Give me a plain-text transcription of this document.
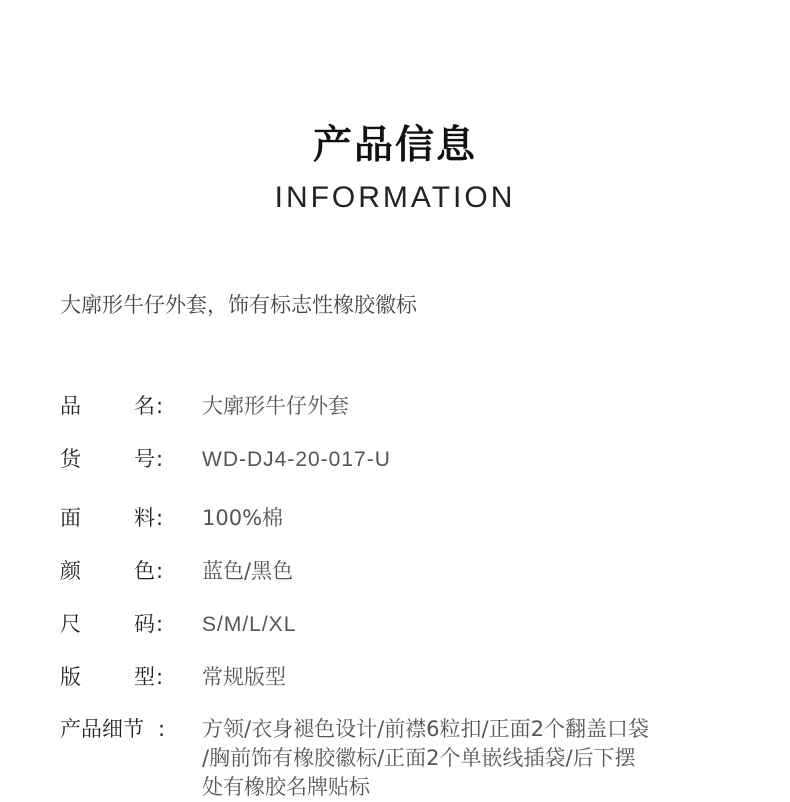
产品信息
INFORMATION
大廓形牛仔外套，饰有标志性橡胶徽标
品	名 : 大廓形牛仔外套
货	号 : WD-DJ4-20-017-U
面	料 : 100%棉
颜	色 : 蓝色/黑色
尺	码 : S/M/L/XL
版	型 : 常规版型
产品细节 : 方领/衣身褪色设计/前襟6粒扣/正面2个翻盖口袋
/胸前饰有橡胶徽标/正面2个单嵌线插袋/后下摆
处有橡胶名牌贴标
